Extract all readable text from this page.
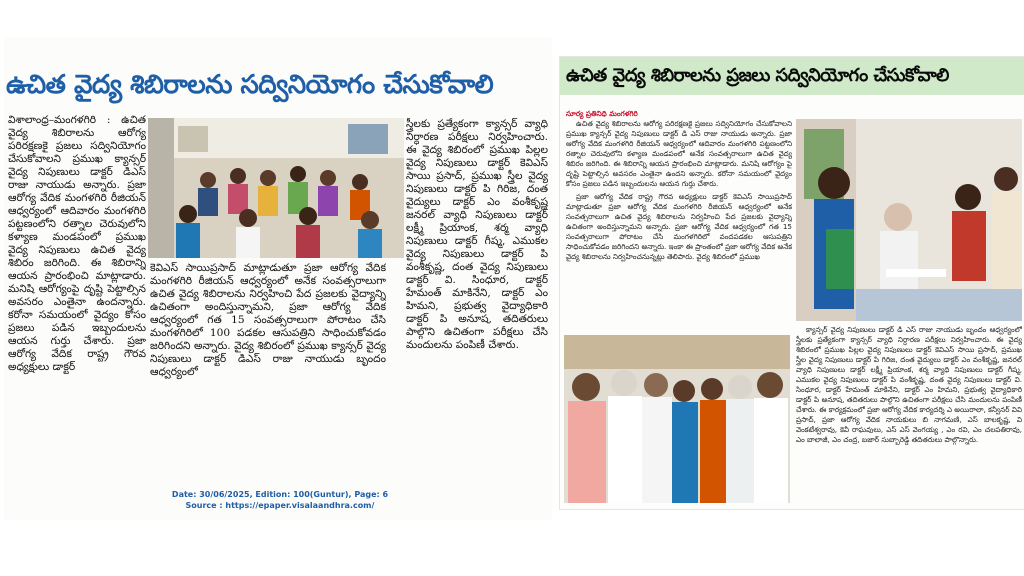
ఉచిత వైద్య శిబిరాలను సద్వినియోగం చేసుకోవాలి

విశాలాంధ్ర–మంగళగిరి : ఉచిత వైద్య శిబిరాలను ఆరోగ్య పరిరక్షణకై ప్రజలు సద్వినియోగం చేసుకోవాలని ప్రముఖ క్యాన్సర్ వైద్య నిపుణులు డాక్టర్ డిఎస్ రాజు నాయుడు అన్నారు. ప్రజా ఆరోగ్య వేదిక మంగళగిరి రీజియన్ ఆధ్వర్యంలో ఆదివారం మంగళగిరి పట్టణంలోని రత్నాల చెరువులోని కళ్యాణ మండపంలో ప్రముఖ వైద్య నిపుణులు ఉచిత వైద్య శిబిరం జరిగింది. ఈ శిబిరాన్ని ఆయన ప్రారంభించి మాట్లాడారు. మనిషి ఆరోగ్యంపై దృష్టి పెట్టాల్సిన అవసరం ఎంతైనా ఉందన్నారు. కరోనా సమయంలో వైద్యం కోసం ప్రజలు పడిన ఇబ్బందులను ఆయన గుర్తు చేశారు. ప్రజా ఆరోగ్య వేదిక రాష్ట్ర గౌరవ అధ్యక్షులు డాక్టర్

కెవిఎస్ సాయిప్రసాద్ మాట్లాడుతూ ప్రజా ఆరోగ్య వేదిక మంగళగిరి రీజియన్ ఆధ్వర్యంలో అనేక సంవత్సరాలుగా ఉచిత వైద్య శిబిరాలను నిర్వహించి పేద ప్రజలకు వైద్యాన్ని ఉచితంగా అందిస్తున్నామని, ప్రజా ఆరోగ్య వేదిక ఆధ్వర్యంలో గత 15 సంవత్సరాలుగా పోరాటం చేసి మంగళగిరిలో 100 పడకల ఆసుపత్రిని సాధించుకోవడం జరిగిందని అన్నారు. వైద్య శిబిరంలో ప్రముఖ క్యాన్సర్ వైద్య నిపుణులు డాక్టర్ డిఎస్ రాజు నాయుడు బృందం ఆధ్వర్యంలో

స్త్రీలకు ప్రత్యేకంగా క్యాన్సర్ వ్యాధి నిర్ధారణ పరీక్షలు నిర్వహించారు. ఈ వైద్య శిబిరంలో ప్రముఖ పిల్లల వైద్య నిపుణులు డాక్టర్ కెవిఎస్ సాయి ప్రసాద్, ప్రముఖ స్త్రీల వైద్య నిపుణులు డాక్టర్ పి గిరిజ, దంత వైద్యులు డాక్టర్ ఎం వంశీకృష్ణ జనరల్ వ్యాధి నిపుణులు డాక్టర్ లక్ష్మీ ప్రియాంక, శర్మ వ్యాధి నిపుణులు డాక్టర్ గీష్మ, ఎముకల వైద్య నిపుణులు డాక్టర్ పి వంశీకృష్ణ, దంత వైద్య నిపుణులు డాక్టర్ వి. సింధూర, డాక్టర్ హేమంత్ మాకినేని, డాక్టర్ ఎం హిమని, ప్రభుత్వ వైద్యాధికారి డాక్టర్ పి అనూష, తదితరులు పాల్గొని ఉచితంగా పరీక్షలు చేసి మందులను పంపిణీ చేశారు.

Date: 30/06/2025, Edition: 100(Guntur), Page: 6
Source : https://epaper.visalaandhra.com/
ఉచిత వైద్య శిబిరాలను ప్రజలు సద్వినియోగం చేసుకోవాలి
సూర్య ప్రతినిధి మంగళగిరి

ఉచిత వైద్య శిబిరాలను ఆరోగ్య పరిరక్షణకై ప్రజలు సద్వినియోగం చేసుకోవాలని ప్రముఖ క్యాన్సర్ వైద్య నిపుణులు డాక్టర్ డి ఎస్ రాజు నాయుడు అన్నారు. ప్రజా ఆరోగ్య వేదిక మంగళగిరి రీజియన్ ఆధ్వర్యంలో ఆదివారం మంగళగిరి పట్టణంలోని రత్నాల చెరువులోని కళ్యాణ మండపంలో అనేక సంవత్సరాలుగా ఉచిత వైద్య శిబిరం జరిగింది. ఈ శిబిరాన్ని ఆయన ప్రారంభించి మాట్లాడారు. మనిషి ఆరోగ్యం పై దృష్టి పెట్టాల్సిన అవసరం ఎంతైనా ఉందని అన్నారు. కరోనా సమయంలో వైద్యం కోసం ప్రజలు పడిన ఇబ్బందులను ఆయన గుర్తు చేశారు.

ప్రజా ఆరోగ్య వేదిక రాష్ట్ర గౌరవ అధ్యక్షులు డాక్టర్ కెవిఎస్ సాయిప్రసాద్ మాట్లాడుతూ ప్రజా ఆరోగ్య వేదిక మంగళగిరి రీజియన్ ఆధ్వర్యంలో అనేక సంవత్సరాలుగా ఉచిత వైద్య శిబిరాలను నిర్వహించి పేద ప్రజలకు వైద్యాన్ని ఉచితంగా అందిస్తున్నామని అన్నారు. ప్రజా ఆరోగ్య వేదిక ఆధ్వర్యంలో గత 15 సంవత్సరాలుగా పోరాటం చేసి మంగళగిరిలో వందపడకల ఆసుపత్రిని సాధించుకోవడం జరిగిందని అన్నారు. ఇంకా ఈ ప్రాంతంలో ప్రజా ఆరోగ్య వేదిక అనేక వైద్య శిబిరాలను నిర్వహించనున్నట్లు తెలిపారు. వైద్య శిబిరంలో ప్రముఖ

క్యాన్సర్ వైద్య నిపుణులు డాక్టర్ డి ఎస్ రాజు నాయుడు బృందం ఆధ్వర్యంలో స్త్రీలకు ప్రత్యేకంగా క్యాన్సర్ వ్యాధి నిర్ధారణ పరీక్షలు నిర్వహించారు. ఈ వైద్య శిబిరంలో ప్రముఖ పిల్లల వైద్య నిపుణులు డాక్టర్ కెవిఎస్ సాయి ప్రసాద్, ప్రముఖ స్త్రీల వైద్య నిపుణులు డాక్టర్ పి గిరిజ, దంత వైద్యులు డాక్టర్ ఎం వంశీకృష్ణ, జనరల్ వ్యాధి నిపుణులు డాక్టర్ లక్ష్మీ ప్రియాంక, శర్మ వ్యాధి నిపుణులు డాక్టర్ గీష్మ, ఎముకల వైద్య నిపుణులు డాక్టర్ పి వంశీకృష్ణ, దంత వైద్య నిపుణులు డాక్టర్ వి. సింధూర, డాక్టర్ హేమంత్ మాకినేని, డాక్టర్ ఎం హిమని, ప్రభుత్వ వైద్యాధికారి డాక్టర్ పి అనూష, తదితరులు పాల్గొని ఉచితంగా పరీక్షలు చేసి మందులను పంపిణీ చేశారు. ఈ కార్యక్రమంలో ప్రజా ఆరోగ్య వేదిక కార్యదర్శి ఎ అయిరాలా, కన్వీనర్ వివి ప్రసాద్, ప్రజా ఆరోగ్య వేదిక నాయకులు బి నాగమణి, ఎస్ బాలకృష్ణ, వి వెంకటేశ్వరావు, కెవీ రాఘవులు, ఎస్ ఎస్ వెంగయ్య , ఎం రవి, ఎం చలపతిరావు, ఎం బాలాజీ, ఎం చంద్ర, బజార్ సుబ్బారెడ్డి తదితరులు పాల్గొన్నారు.
